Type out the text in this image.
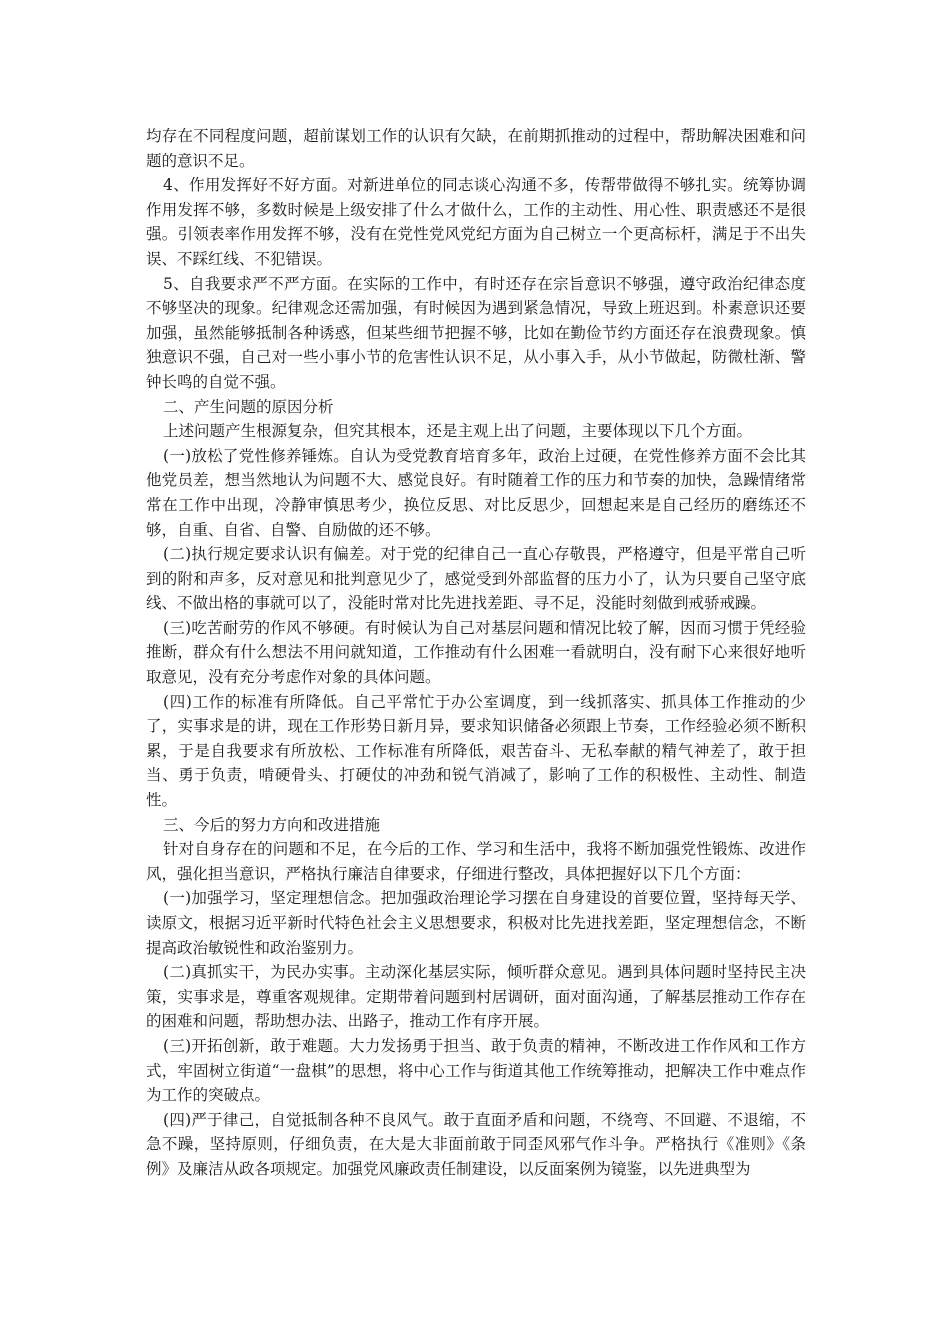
均存在不同程度问题，超前谋划工作的认识有欠缺，在前期抓推动的过程中，帮助解决困难和问题的意识不足。

4、作用发挥好不好方面。对新进单位的同志谈心沟通不多，传帮带做得不够扎实。统筹协调作用发挥不够，多数时候是上级安排了什么才做什么，工作的主动性、用心性、职责感还不是很强。引领表率作用发挥不够，没有在党性党风党纪方面为自己树立一个更高标杆，满足于不出失误、不踩红线、不犯错误。

5、自我要求严不严方面。在实际的工作中，有时还存在宗旨意识不够强，遵守政治纪律态度不够坚决的现象。纪律观念还需加强，有时候因为遇到紧急情况，导致上班迟到。朴素意识还要加强，虽然能够抵制各种诱惑，但某些细节把握不够，比如在勤俭节约方面还存在浪费现象。慎独意识不强，自己对一些小事小节的危害性认识不足，从小事入手，从小节做起，防微杜渐、警钟长鸣的自觉不强。

二、产生问题的原因分析

上述问题产生根源复杂，但究其根本，还是主观上出了问题，主要体现以下几个方面。

(一)放松了党性修养锤炼。自认为受党教育培育多年，政治上过硬，在党性修养方面不会比其他党员差，想当然地认为问题不大、感觉良好。有时随着工作的压力和节奏的加快，急躁情绪常常在工作中出现，冷静审慎思考少，换位反思、对比反思少，回想起来是自己经历的磨练还不够，自重、自省、自警、自励做的还不够。

(二)执行规定要求认识有偏差。对于党的纪律自己一直心存敬畏，严格遵守，但是平常自己听到的附和声多，反对意见和批判意见少了，感觉受到外部监督的压力小了，认为只要自己坚守底线、不做出格的事就可以了，没能时常对比先进找差距、寻不足，没能时刻做到戒骄戒躁。

(三)吃苦耐劳的作风不够硬。有时候认为自己对基层问题和情况比较了解，因而习惯于凭经验推断，群众有什么想法不用问就知道，工作推动有什么困难一看就明白，没有耐下心来很好地听取意见，没有充分考虑作对象的具体问题。

(四)工作的标准有所降低。自己平常忙于办公室调度，到一线抓落实、抓具体工作推动的少了，实事求是的讲，现在工作形势日新月异，要求知识储备必须跟上节奏，工作经验必须不断积累，于是自我要求有所放松、工作标准有所降低，艰苦奋斗、无私奉献的精气神差了，敢于担当、勇于负责，啃硬骨头、打硬仗的冲劲和锐气消减了，影响了工作的积极性、主动性、制造性。

三、今后的努力方向和改进措施

针对自身存在的问题和不足，在今后的工作、学习和生活中，我将不断加强党性锻炼、改进作风，强化担当意识，严格执行廉洁自律要求，仔细进行整改，具体把握好以下几个方面：

(一)加强学习，坚定理想信念。把加强政治理论学习摆在自身建设的首要位置，坚持每天学、读原文，根据习近平新时代特色社会主义思想要求，积极对比先进找差距，坚定理想信念，不断提高政治敏锐性和政治鉴别力。

(二)真抓实干，为民办实事。主动深化基层实际，倾听群众意见。遇到具体问题时坚持民主决策，实事求是，尊重客观规律。定期带着问题到村居调研，面对面沟通，了解基层推动工作存在的困难和问题，帮助想办法、出路子，推动工作有序开展。

(三)开拓创新，敢于难题。大力发扬勇于担当、敢于负责的精神，不断改进工作作风和工作方式，牢固树立街道“一盘棋”的思想，将中心工作与街道其他工作统筹推动，把解决工作中难点作为工作的突破点。

(四)严于律己，自觉抵制各种不良风气。敢于直面矛盾和问题，不绕弯、不回避、不退缩，不急不躁，坚持原则，仔细负责，在大是大非面前敢于同歪风邪气作斗争。严格执行《准则》《条例》及廉洁从政各项规定。加强党风廉政责任制建设，以反面案例为镜鉴，以先进典型为
